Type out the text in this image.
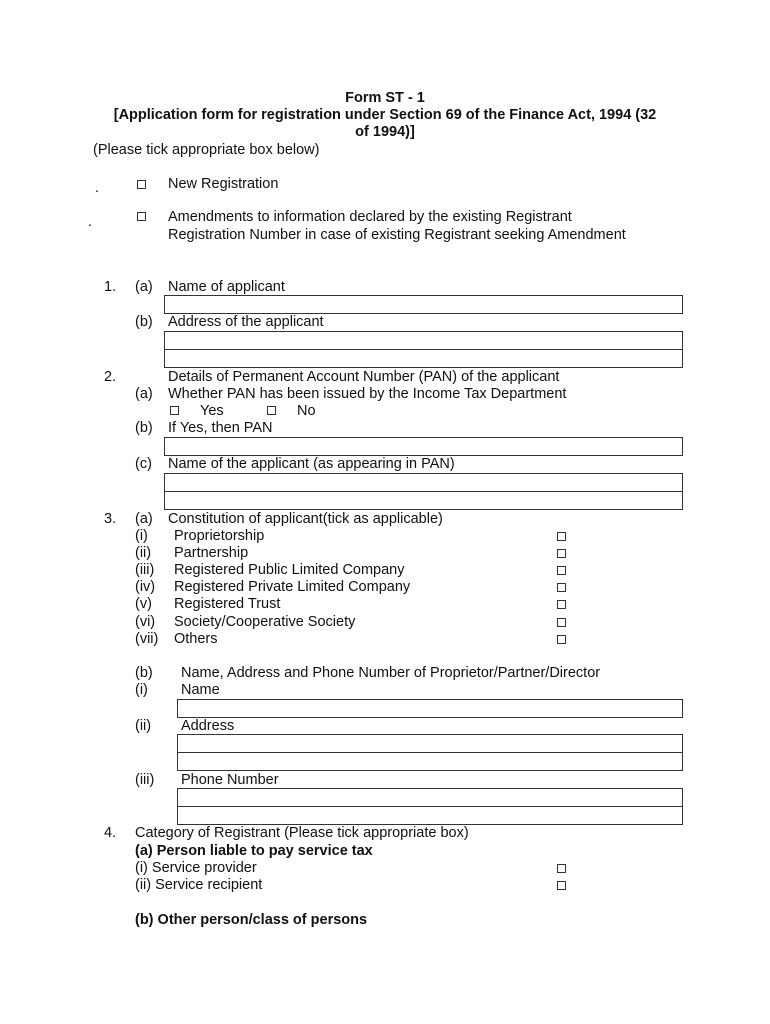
Form ST - 1
[Application form for registration under Section 69 of the Finance Act, 1994 (32
of 1994)]
(Please tick appropriate box below)
.	New Registration
.	Amendments to information declared by the existing Registrant
Registration Number in case of existing Registrant seeking Amendment
1. (a) Name of applicant
(b) Address of the applicant
2.	Details of Permanent Account Number (PAN) of the applicant
(a) Whether PAN has been issued by the Income Tax Department
Yes	No
(b) If Yes, then PAN
(c) Name of the applicant (as appearing in PAN)
3. (a) Constitution of applicant(tick as applicable)
(i) Proprietorship
(ii) Partnership
(iii) Registered Public Limited Company
(iv) Registered Private Limited Company
(v) Registered Trust
(vi) Society/Cooperative Society
(vii) Others
(b) Name, Address and Phone Number of Proprietor/Partner/Director
(i) Name
(ii) Address
(iii) Phone Number
4. Category of Registrant (Please tick appropriate box)
(a) Person liable to pay service tax
(i) Service provider
(ii) Service recipient
(b) Other person/class of persons
